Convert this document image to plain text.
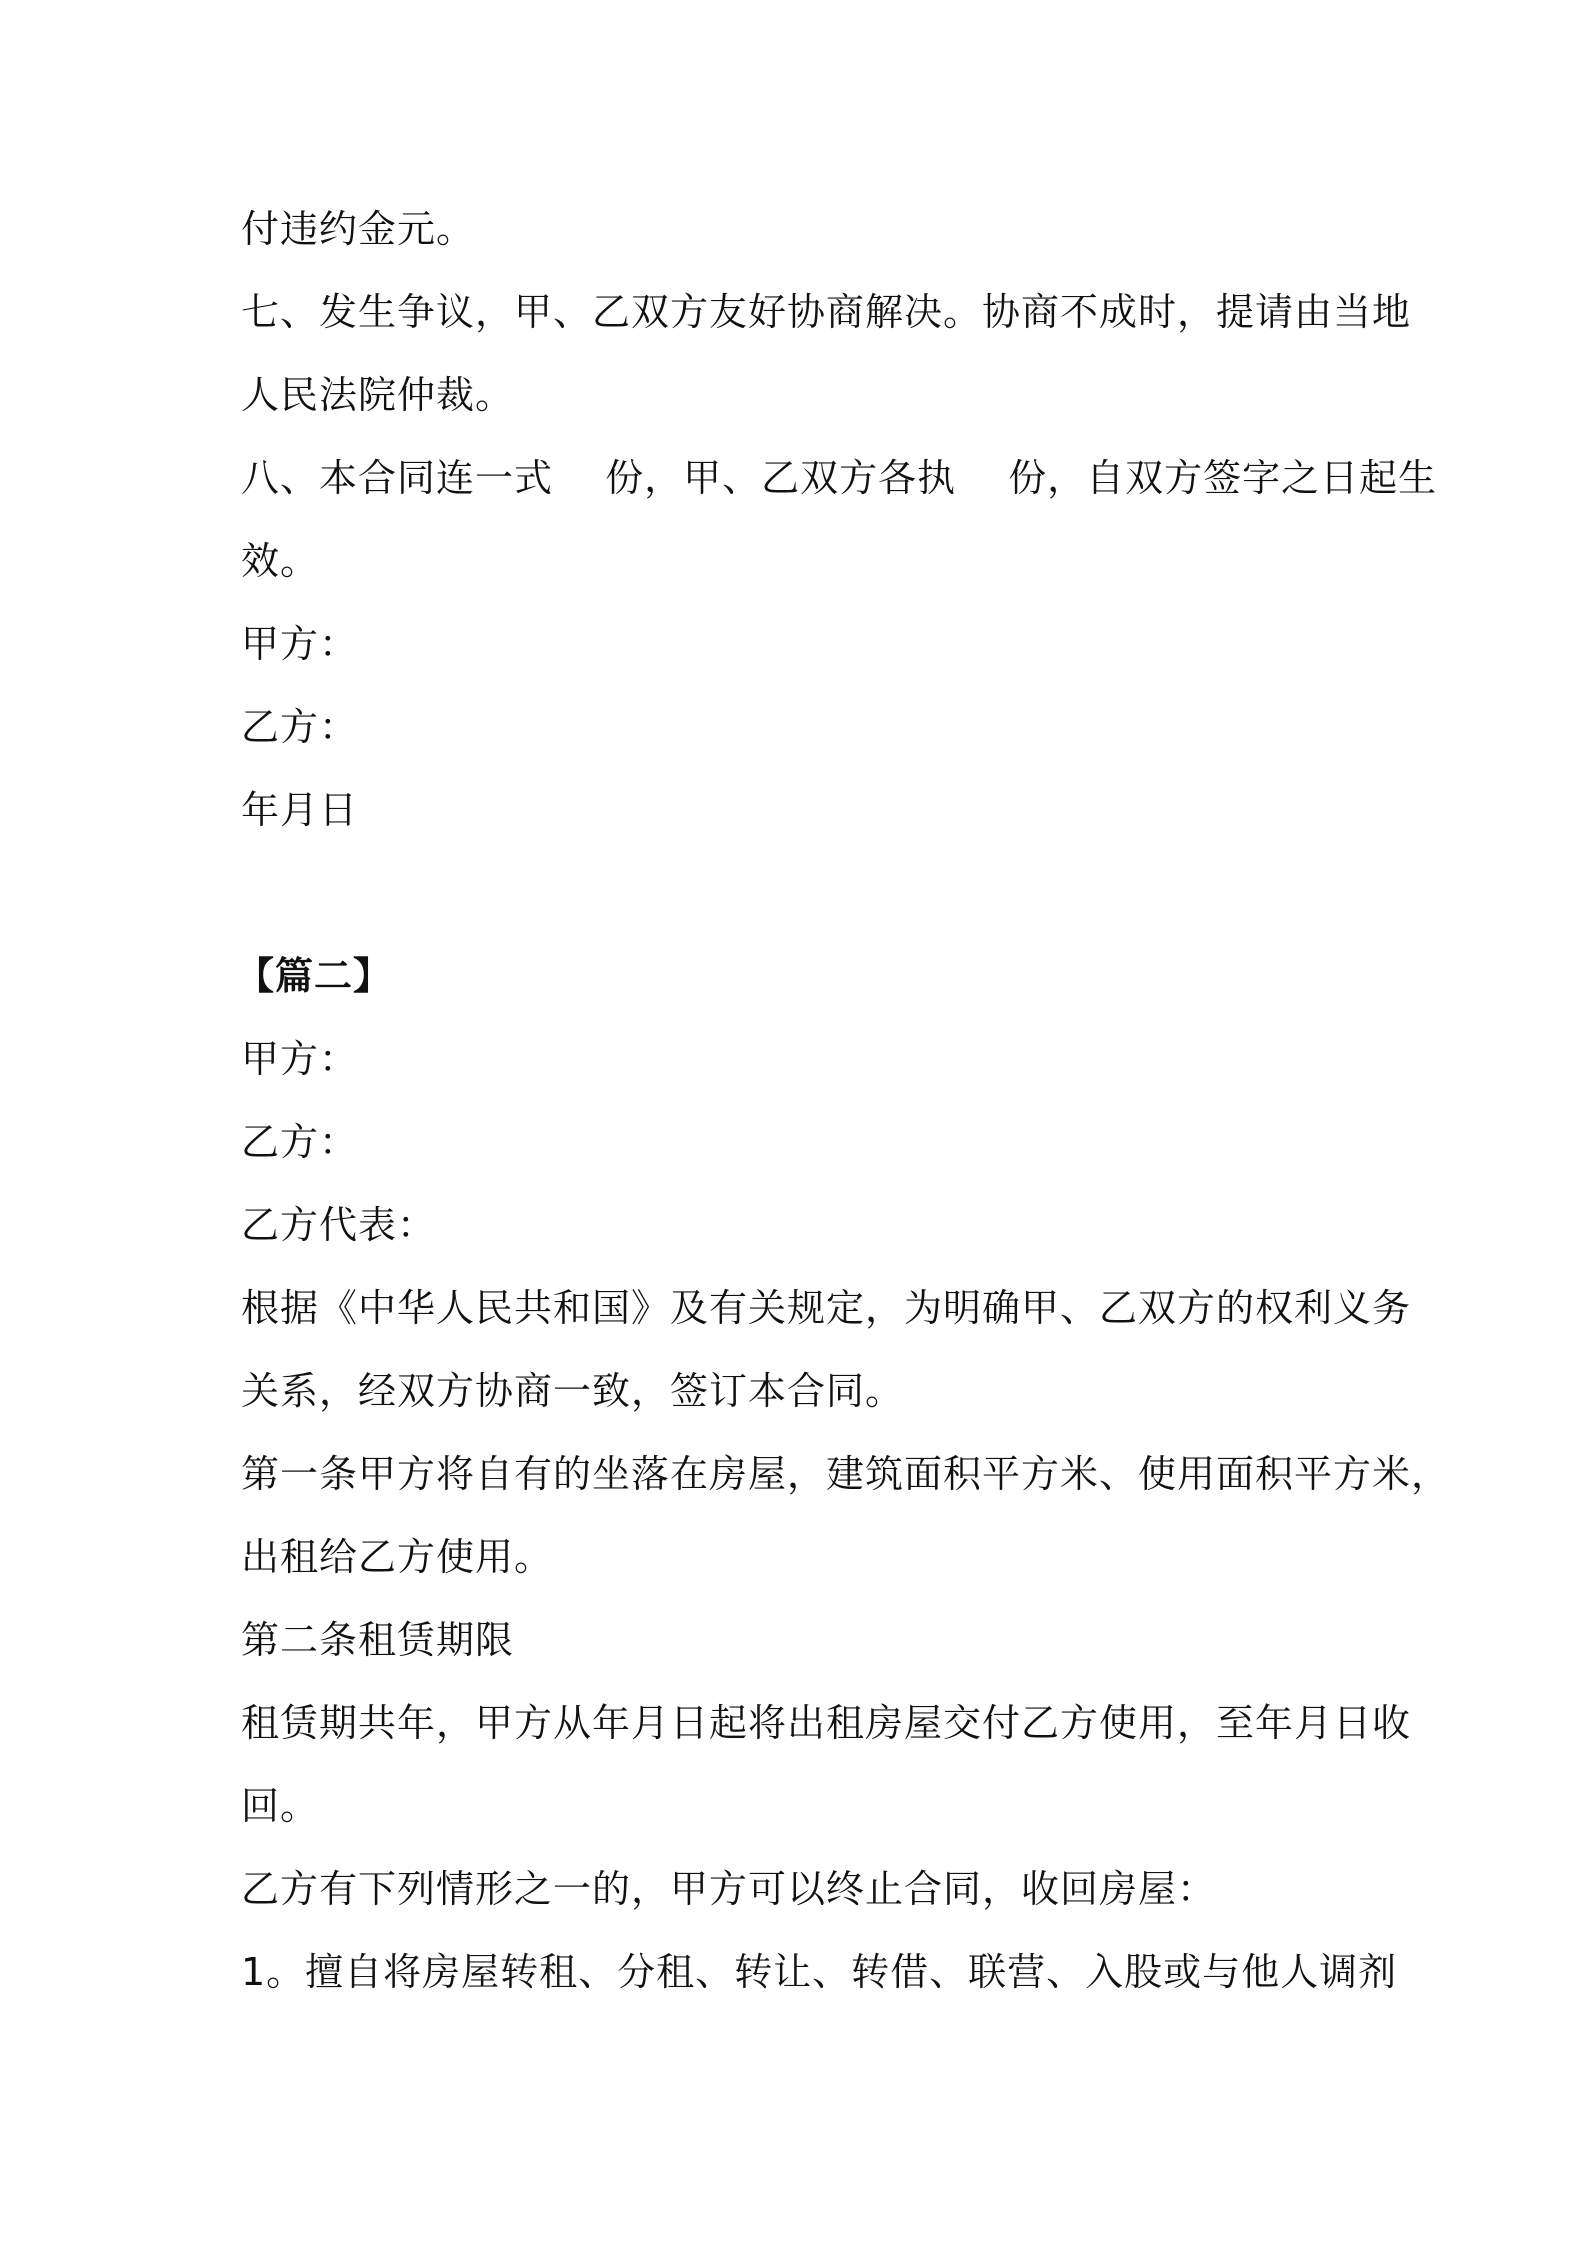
付违约金元。
七、发生争议，甲、乙双方友好协商解决。协商不成时，提请由当地
人民法院仲裁。
八、本合同连一式　 份，甲、乙双方各执　 份，自双方签字之日起生
效。
甲方：
乙方：
年月日
【篇二】
甲方：
乙方：
乙方代表：
根据《中华人民共和国》及有关规定，为明确甲、乙双方的权利义务
关系，经双方协商一致，签订本合同。
第一条甲方将自有的坐落在房屋，建筑面积平方米、使用面积平方米，
出租给乙方使用。
第二条租赁期限
租赁期共年，甲方从年月日起将出租房屋交付乙方使用，至年月日收
回。
乙方有下列情形之一的，甲方可以终止合同，收回房屋：
1。擅自将房屋转租、分租、转让、转借、联营、入股或与他人调剂
